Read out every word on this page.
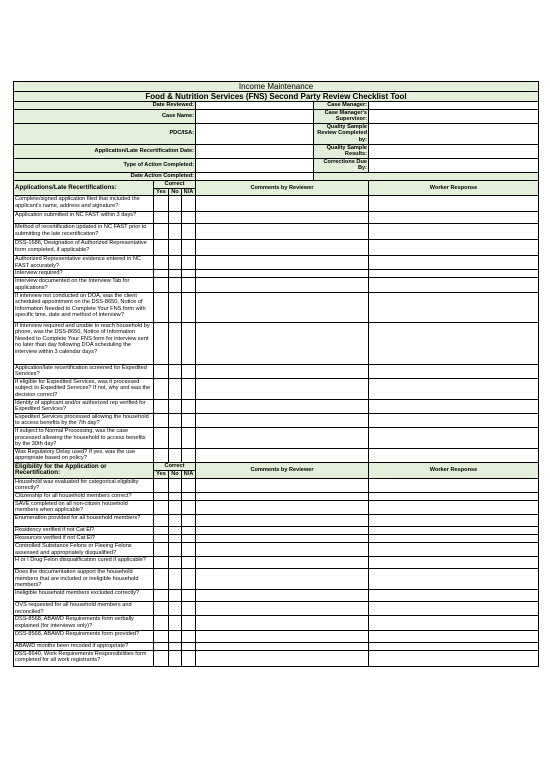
Income Maintenance						
Food & Nutrition Services (FNS) Second Party Review Checklist Tool						
Date Reviewed:					Case Manager:	
Case Name:					Case Manager's Supervisor:	
PDC/ISA:					Quality Sample Review Completed by:	
Application/Late Recertification Date:					Quality Sample Results:	
Type of Action Completed:					Corrections Due By:	
Date Action Completed:						
Applications/Late Recertifications:	Correct			Comments by Reviewer		Worker Response
	Yes	No	N/A			
Complete/signed application filed that included the applicant's name, address and signature?						
Application submitted in NC FAST within 3 days?						
Method of recertification updated in NC FAST prior to submitting the late recertification?						
DSS-1686, Designation of Authorized Representative form completed, if applicable?						
Authorized Representative evidence entered in NC FAST accurately?						
Interview required?						
Interview documented on the Interview Tab for applications?						
If interview not conducted on DOA, was the client scheduled appointment on the DSS-8650, Notice of Information Needed to Complete Your FNS form with specific time, date and method of interview?						
If interview required and unable to reach household by phone, was the DSS-8650, Notice of Information Needed to Complete Your FNS form for interview sent no later than day following DOA scheduling the interview within 3 calendar days?						
Application/late recertification screened for Expedited Services?						
If eligible for Expedited Services, was it processed subject to Expedited Services? If not, why and was the decision correct?						
Identity of applicant and/or authorized rep verified for Expedited Services?						
Expedited Services processed allowing the household to access benefits by the 7th day?						
If subject to Normal Processing, was the case processed allowing the household to access benefits by the 30th day?						
Was Regulatory Delay used? If yes, was the use appropriate based on policy?						
Eligibility for the Application or Recertification:	Correct			Comments by Reviewer		Worker Response
	Yes	No	N/A			
Household was evaluated for categorical eligibility correctly?						
Citizenship for all household members correct?						
SAVE completed on all non-citizen household members when applicable?						
Enumeration provided for all household members?						
Residency verified if not Cat El?						
Resources verified if not Cat El?						
Controlled Substance Felons or Fleeing Felons assessed and appropriately disqualified?						
H or I Drug Felon disqualification cured if applicable?						
Does the documentation support the household members that are included or ineligible household members?						
Ineligible household members excluded correctly?						
OVS requested for all household members and reconciled?						
DSS-8568, ABAWD Requirements form verbally explained (for interviews only)?						
DSS-8568, ABAWD Requirements form provided?						
ABAWD months been recoded if appropriate?						
DSS-8640, Work Requirements Responsibilities form completed for all work registrants?						
